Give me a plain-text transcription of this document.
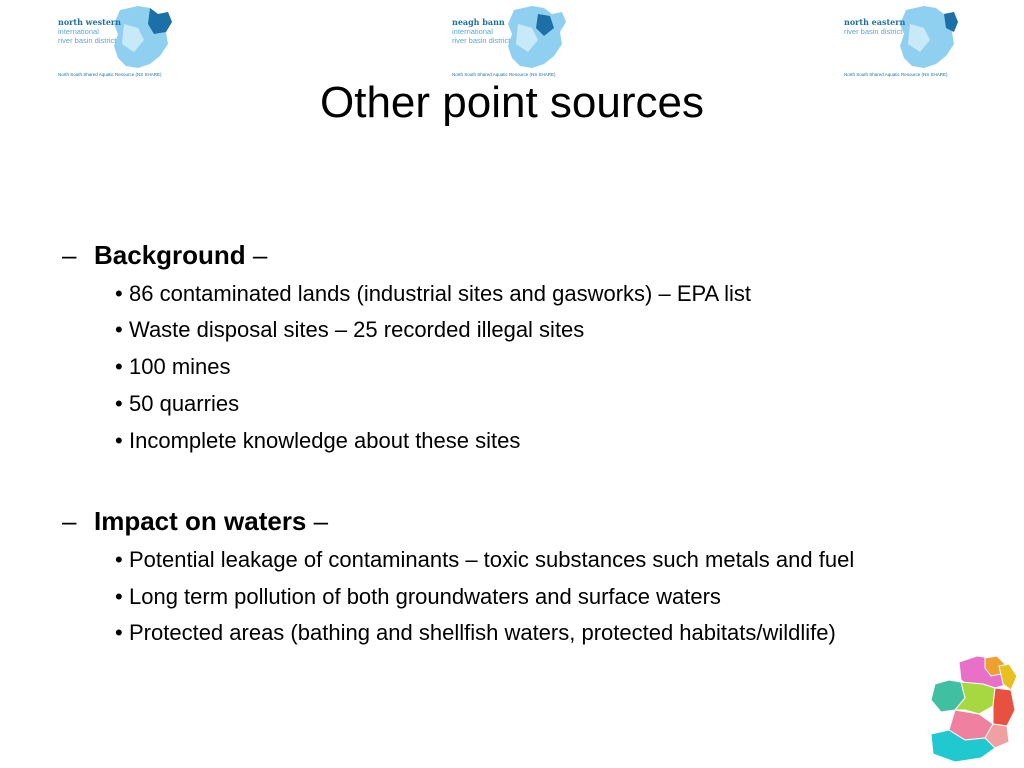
north western
international
river basin district
North South Shared Aquatic Resource (NS SHARE)
neagh bann
international
river basin district
North South Shared Aquatic Resource (NS SHARE)
north eastern
river basin district
North South Shared Aquatic Resource (NS SHARE)
Other point sources
– Background –
• 86 contaminated lands (industrial sites and gasworks) – EPA list
• Waste disposal sites – 25 recorded illegal sites
• 100 mines
• 50 quarries
• Incomplete knowledge about these sites
– Impact on waters –
• Potential leakage of contaminants – toxic substances such metals and fuel
• Long term pollution of both groundwaters and surface waters
• Protected areas (bathing and shellfish waters, protected habitats/wildlife)
